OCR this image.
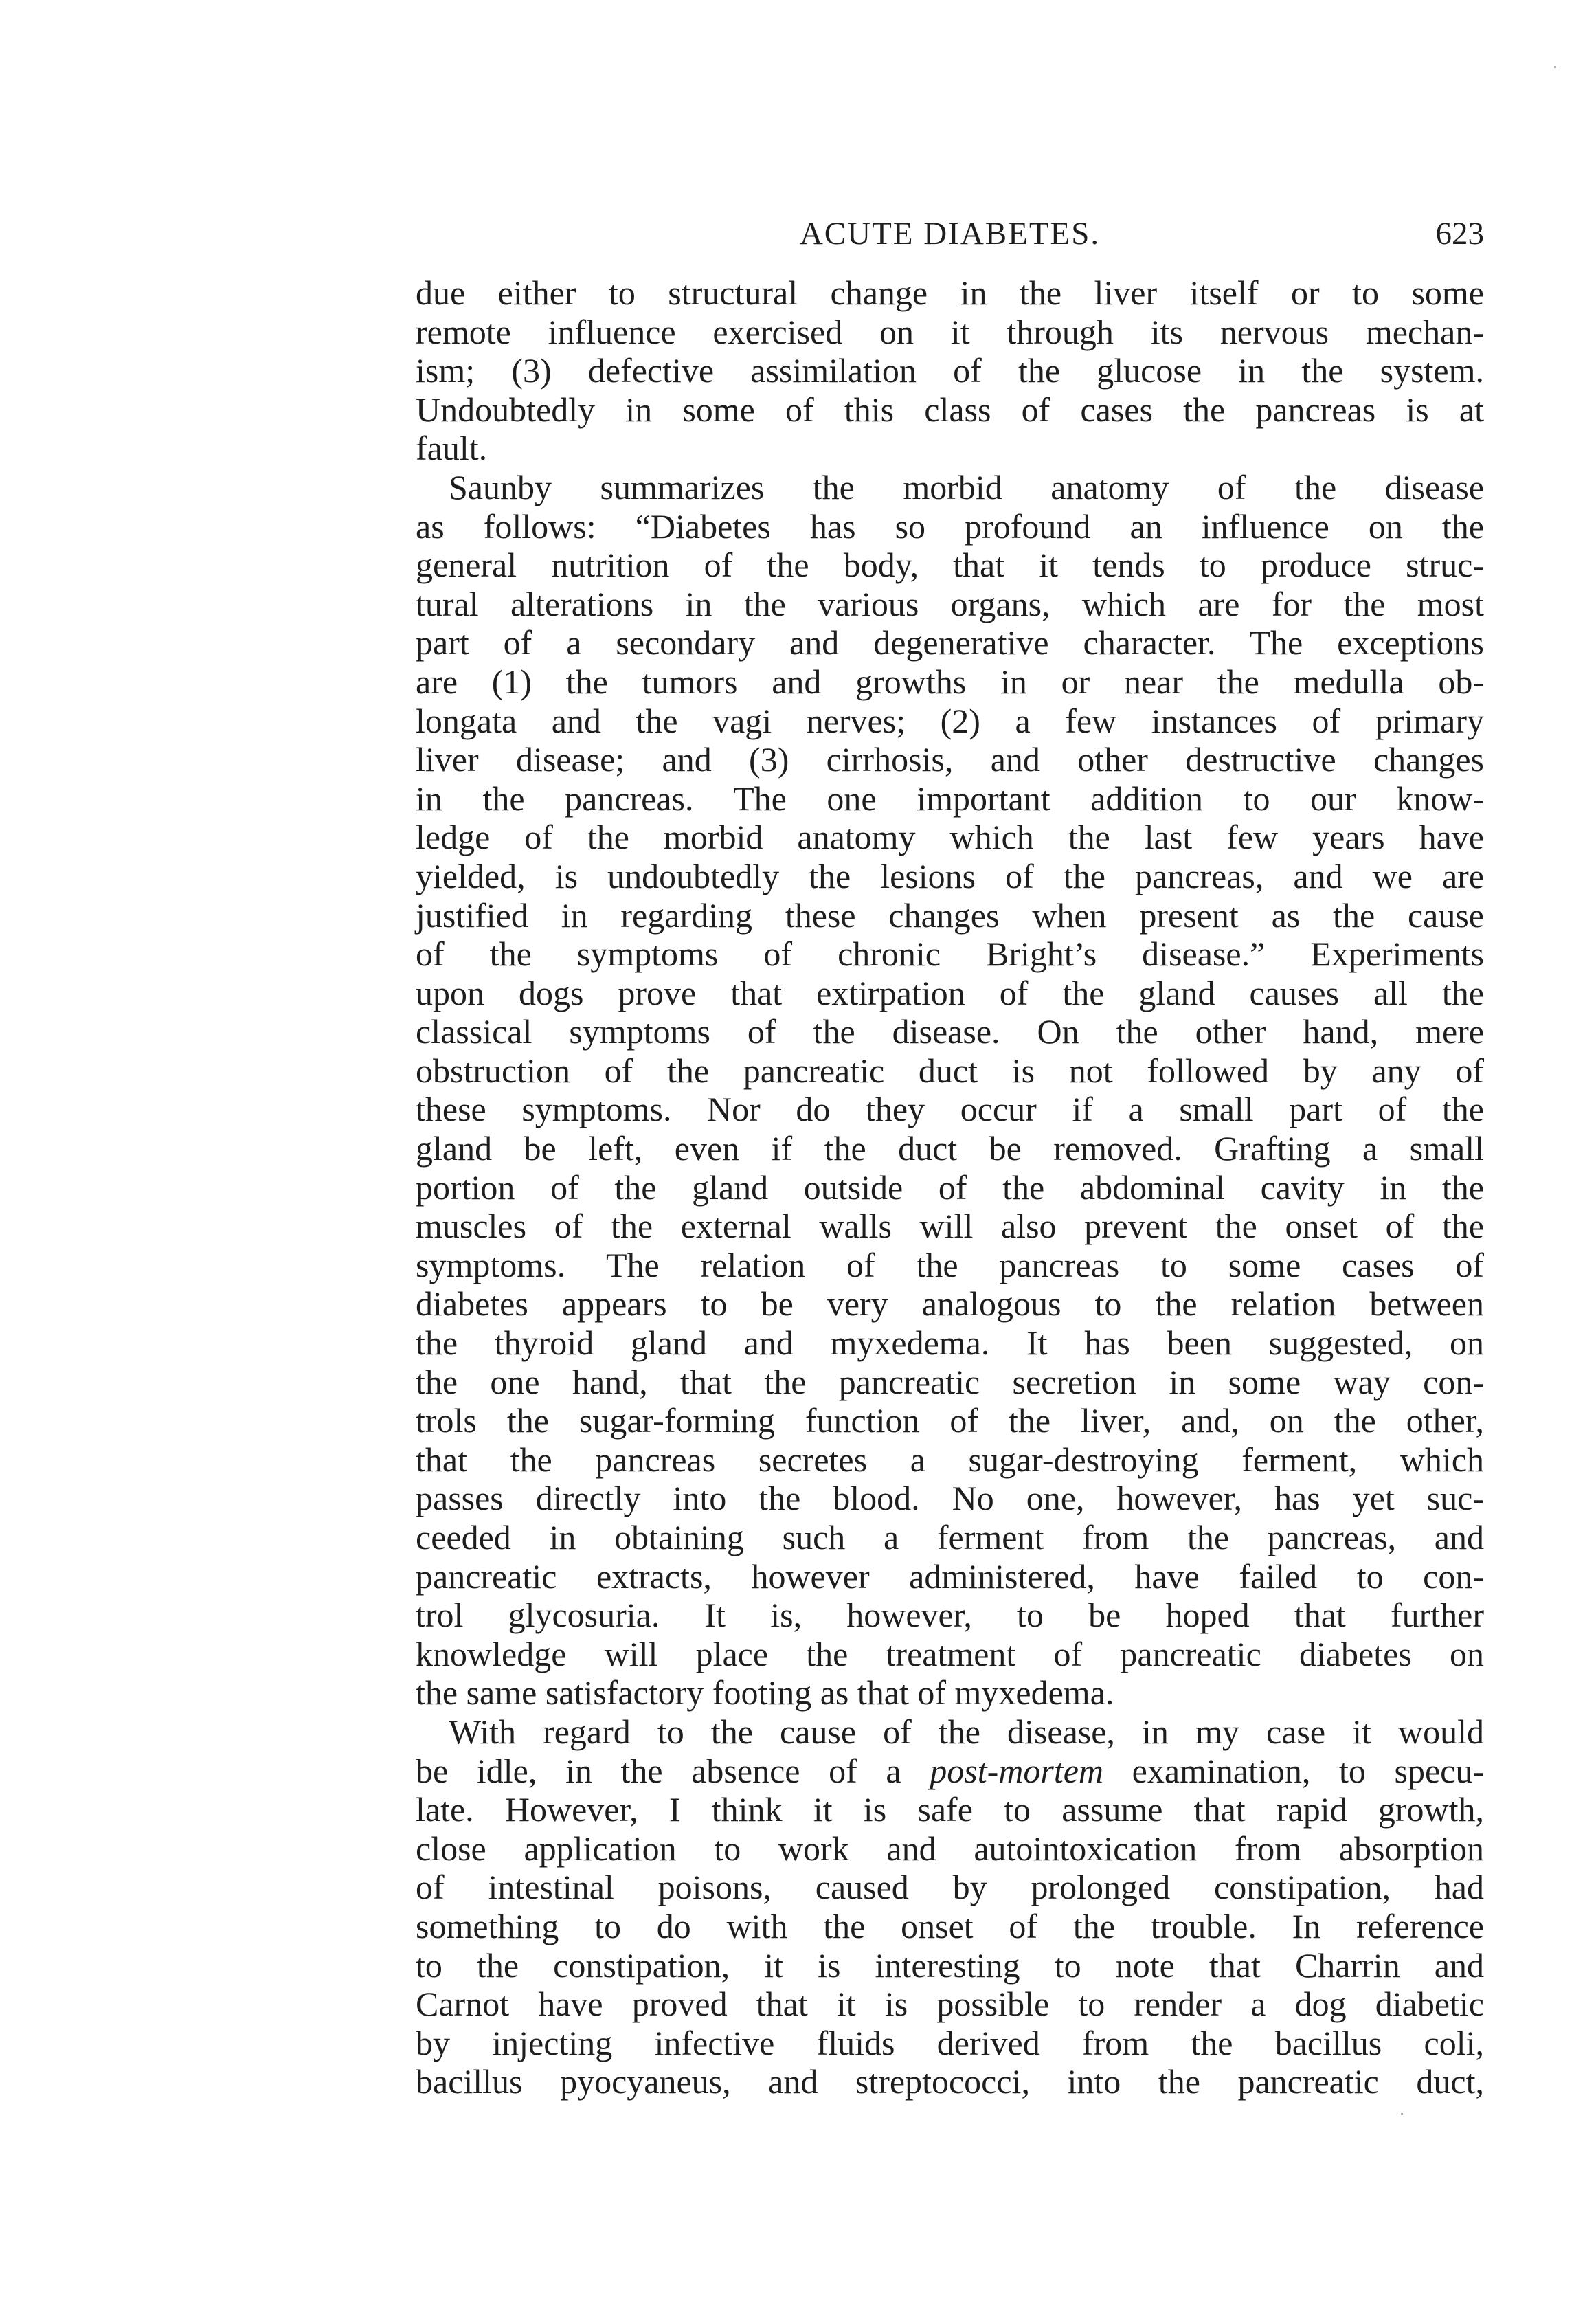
ACUTE DIABETES.	623
due either to structural change in the liver itself or to some
remote influence exercised on it through its nervous mechan-
ism; (3) defective assimilation of the glucose in the system.
Undoubtedly in some of this class of cases the pancreas is at
fault.
Saunby summarizes the morbid anatomy of the disease
as follows: “Diabetes has so profound an influence on the
general nutrition of the body, that it tends to produce struc-
tural alterations in the various organs, which are for the most
part of a secondary and degenerative character. The exceptions
are (1) the tumors and growths in or near the medulla ob-
longata and the vagi nerves; (2) a few instances of primary
liver disease; and (3) cirrhosis, and other destructive changes
in the pancreas. The one important addition to our know-
ledge of the morbid anatomy which the last few years have
yielded, is undoubtedly the lesions of the pancreas, and we are
justified in regarding these changes when present as the cause
of the symptoms of chronic Bright’s disease.” Experiments
upon dogs prove that extirpation of the gland causes all the
classical symptoms of the disease. On the other hand, mere
obstruction of the pancreatic duct is not followed by any of
these symptoms. Nor do they occur if a small part of the
gland be left, even if the duct be removed. Grafting a small
portion of the gland outside of the abdominal cavity in the
muscles of the external walls will also prevent the onset of the
symptoms. The relation of the pancreas to some cases of
diabetes appears to be very analogous to the relation between
the thyroid gland and myxedema. It has been suggested, on
the one hand, that the pancreatic secretion in some way con-
trols the sugar-forming function of the liver, and, on the other,
that the pancreas secretes a sugar-destroying ferment, which
passes directly into the blood. No one, however, has yet suc-
ceeded in obtaining such a ferment from the pancreas, and
pancreatic extracts, however administered, have failed to con-
trol glycosuria. It is, however, to be hoped that further
knowledge will place the treatment of pancreatic diabetes on
the same satisfactory footing as that of myxedema.
With regard to the cause of the disease, in my case it would
be idle, in the absence of a post-mortem examination, to specu-
late. However, I think it is safe to assume that rapid growth,
close application to work and autointoxication from absorption
of intestinal poisons, caused by prolonged constipation, had
something to do with the onset of the trouble. In reference
to the constipation, it is interesting to note that Charrin and
Carnot have proved that it is possible to render a dog diabetic
by injecting infective fluids derived from the bacillus coli,
bacillus pyocyaneus, and streptococci, into the pancreatic duct,
